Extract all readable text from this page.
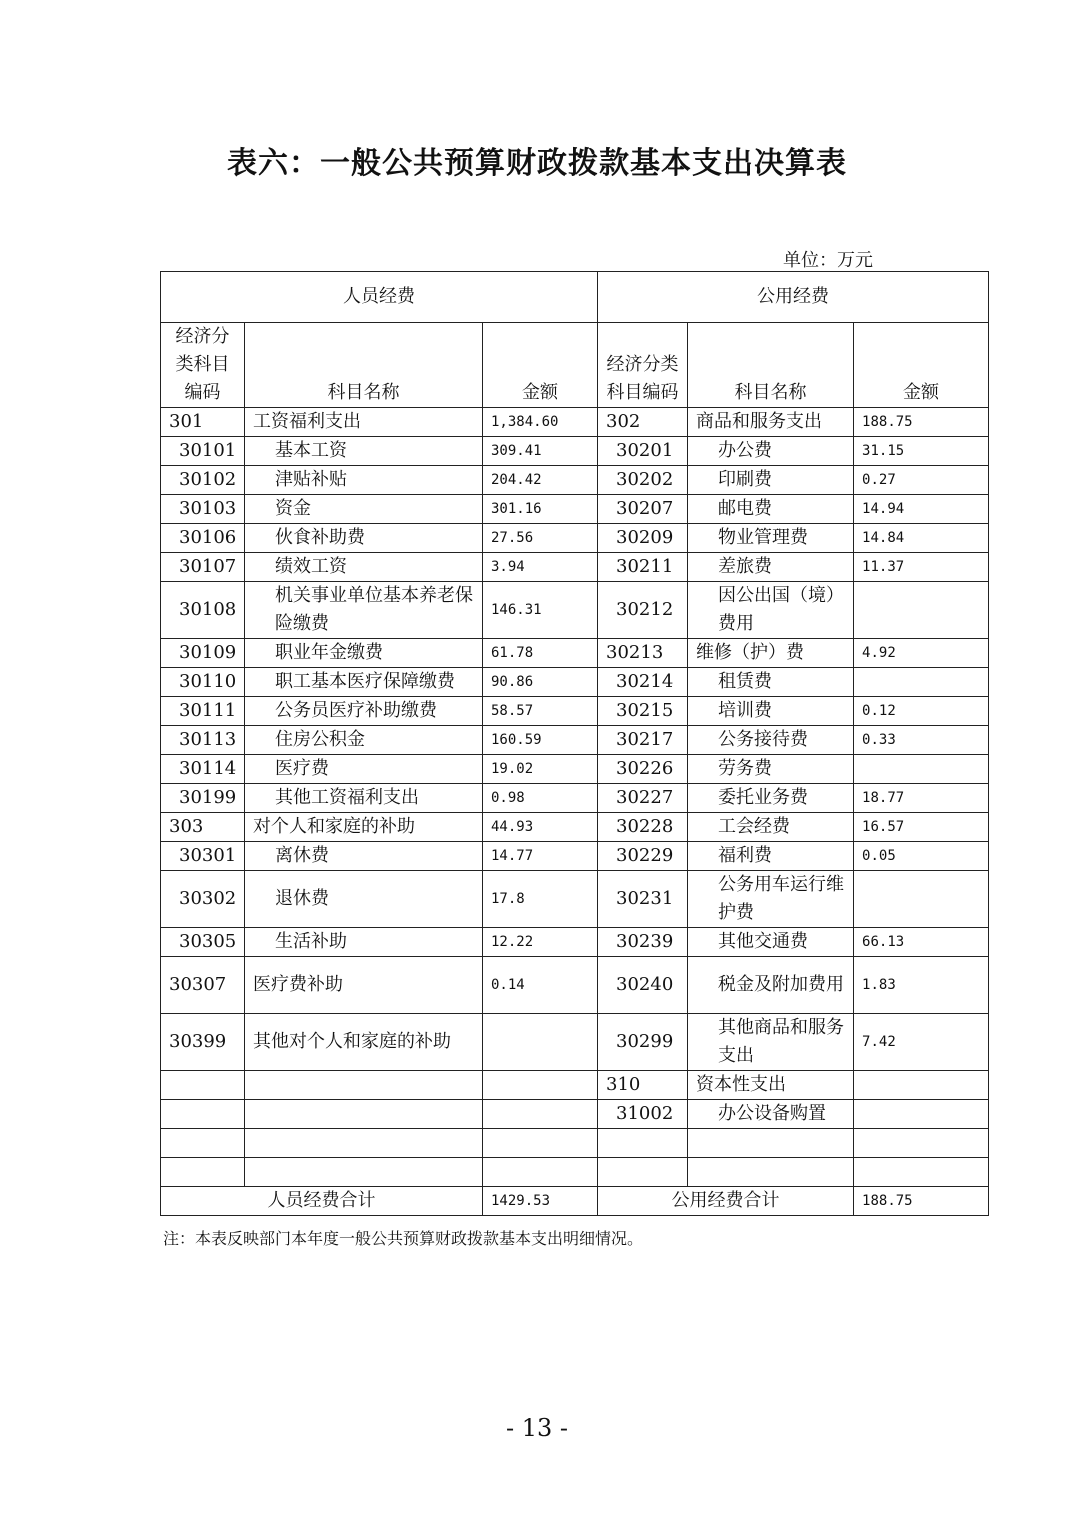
表六：一般公共预算财政拨款基本支出决算表
单位：万元
人员经费			公用经费		
经济分类科目编码	科目名称	金额	经济分类科目编码	科目名称	金额
301	工资福利支出	1,384.60	302	商品和服务支出	188.75
30101	基本工资	309.41	30201	办公费	31.15
30102	津贴补贴	204.42	30202	印刷费	0.27
30103	资金	301.16	30207	邮电费	14.94
30106	伙食补助费	27.56	30209	物业管理费	14.84
30107	绩效工资	3.94	30211	差旅费	11.37
30108	机关事业单位基本养老保险缴费	146.31	30212	因公出国（境）费用	
30109	职业年金缴费	61.78	30213	维修（护）费	4.92
30110	职工基本医疗保障缴费	90.86	30214	租赁费	
30111	公务员医疗补助缴费	58.57	30215	培训费	0.12
30113	住房公积金	160.59	30217	公务接待费	0.33
30114	医疗费	19.02	30226	劳务费	
30199	其他工资福利支出	0.98	30227	委托业务费	18.77
303	对个人和家庭的补助	44.93	30228	工会经费	16.57
30301	离休费	14.77	30229	福利费	0.05
30302	退休费	17.8	30231	公务用车运行维护费	
30305	生活补助	12.22	30239	其他交通费	66.13
30307	医疗费补助	0.14	30240	税金及附加费用	1.83
30399	其他对个人和家庭的补助		30299	其他商品和服务支出	7.42
			310	资本性支出	
			31002	办公设备购置	

人员经费合计		1429.53	公用经费合计		188.75
注：本表反映部门本年度一般公共预算财政拨款基本支出明细情况。
- 13 -
